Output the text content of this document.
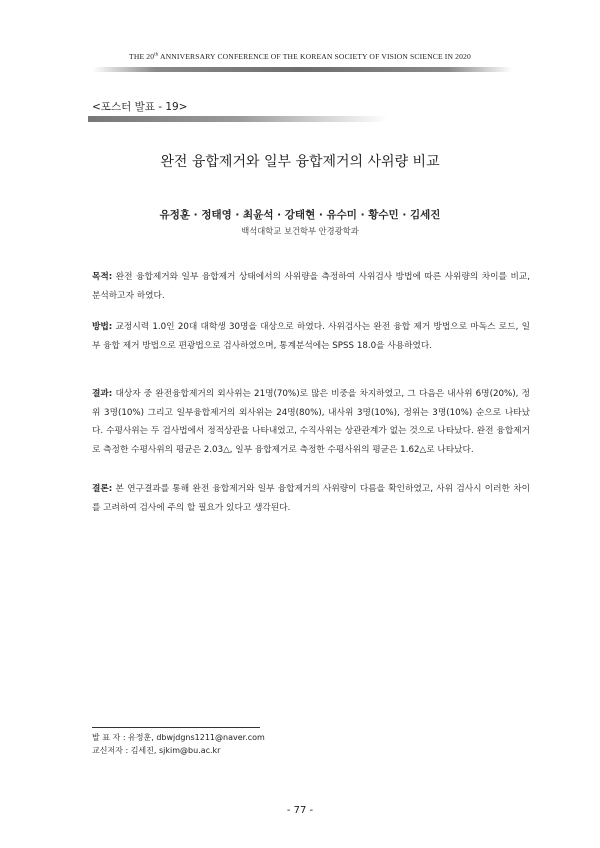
THE 20th ANNIVERSARY CONFERENCE OF THE KOREAN SOCIETY OF VISION SCIENCE IN 2020
<포스터 발표 - 19>
완전 융합제거와 일부 융합제거의 사위량 비교
유정훈 · 정태영 · 최윤석 · 강태현 · 유수미 · 황수민 · 김세진
백석대학교 보건학부 안경광학과
목적: 완전 융합제거와 일부 융합제거 상태에서의 사위량을 측정하여 사위검사 방법에 따른 사위량의 차이를 비교, 분석하고자 하였다.
방법: 교정시력 1.0인 20대 대학생 30명을 대상으로 하였다. 사위검사는 완전 융합 제거 방법으로 마독스 로드, 일부 융합 제거 방법으로 편광법으로 검사하였으며, 통계분석에는 SPSS 18.0을 사용하였다.
결과: 대상자 중 완전융합제거의 외사위는 21명(70%)로 많은 비중을 차지하였고, 그 다음은 내사위 6명(20%), 정위 3명(10%) 그리고 일부융합제거의 외사위는 24명(80%), 내사위 3명(10%), 정위는 3명(10%) 순으로 나타났다. 수평사위는 두 검사법에서 정적상관을 나타내었고, 수직사위는 상관관계가 없는 것으로 나타났다. 완전 융합제거로 측정한 수평사위의 평균은 2.03△, 일부 융합제거로 측정한 수평사위의 평균은 1.62△로 나타났다.
결론: 본 연구결과를 통해 완전 융합제거와 일부 융합제거의 사위량이 다름을 확인하였고, 사위 검사시 이러한 차이를 고려하여 검사에 주의 할 필요가 있다고 생각된다.
발 표 자 : 유정훈, dbwjdgns1211@naver.com
교신저자 : 김세진, sjkim@bu.ac.kr
- 77 -
